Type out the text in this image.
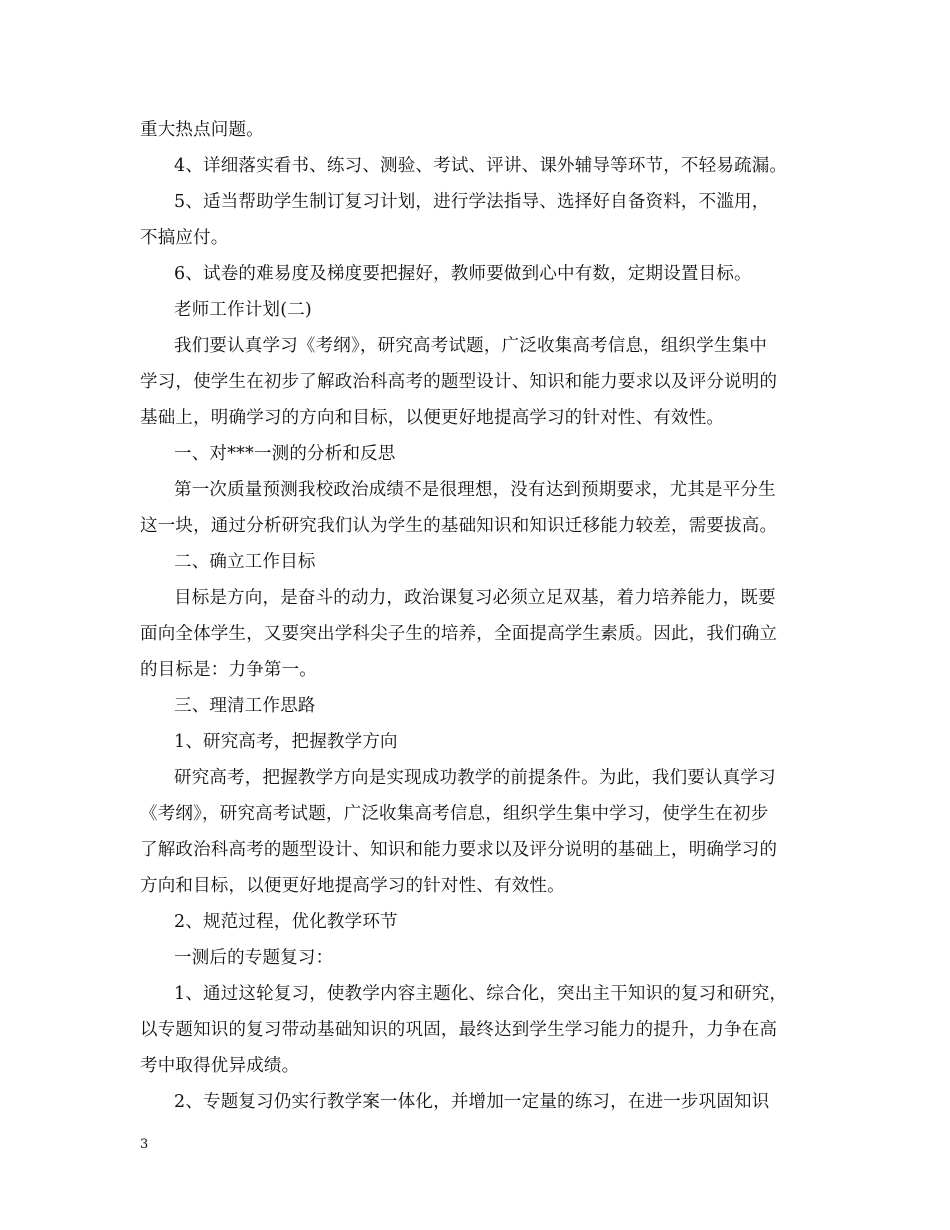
重大热点问题。
4、详细落实看书、练习、测验、考试、评讲、课外辅导等环节，不轻易疏漏。
5、适当帮助学生制订复习计划，进行学法指导、选择好自备资料，不滥用，
不搞应付。
6、试卷的难易度及梯度要把握好，教师要做到心中有数，定期设置目标。
老师工作计划(二)
我们要认真学习《考纲》，研究高考试题，广泛收集高考信息，组织学生集中
学习，使学生在初步了解政治科高考的题型设计、知识和能力要求以及评分说明的
基础上，明确学习的方向和目标，以便更好地提高学习的针对性、有效性。
一、对***一测的分析和反思
第一次质量预测我校政治成绩不是很理想，没有达到预期要求，尤其是平分生
这一块，通过分析研究我们认为学生的基础知识和知识迁移能力较差，需要拔高。
二、确立工作目标
目标是方向，是奋斗的动力，政治课复习必须立足双基，着力培养能力，既要
面向全体学生，又要突出学科尖子生的培养，全面提高学生素质。因此，我们确立
的目标是：力争第一。
三、理清工作思路
1、研究高考，把握教学方向
研究高考，把握教学方向是实现成功教学的前提条件。为此，我们要认真学习
《考纲》，研究高考试题，广泛收集高考信息，组织学生集中学习，使学生在初步
了解政治科高考的题型设计、知识和能力要求以及评分说明的基础上，明确学习的
方向和目标，以便更好地提高学习的针对性、有效性。
2、规范过程，优化教学环节
一测后的专题复习：
1、通过这轮复习，使教学内容主题化、综合化，突出主干知识的复习和研究，
以专题知识的复习带动基础知识的巩固，最终达到学生学习能力的提升，力争在高
考中取得优异成绩。
2、专题复习仍实行教学案一体化，并增加一定量的练习，在进一步巩固知识
3
